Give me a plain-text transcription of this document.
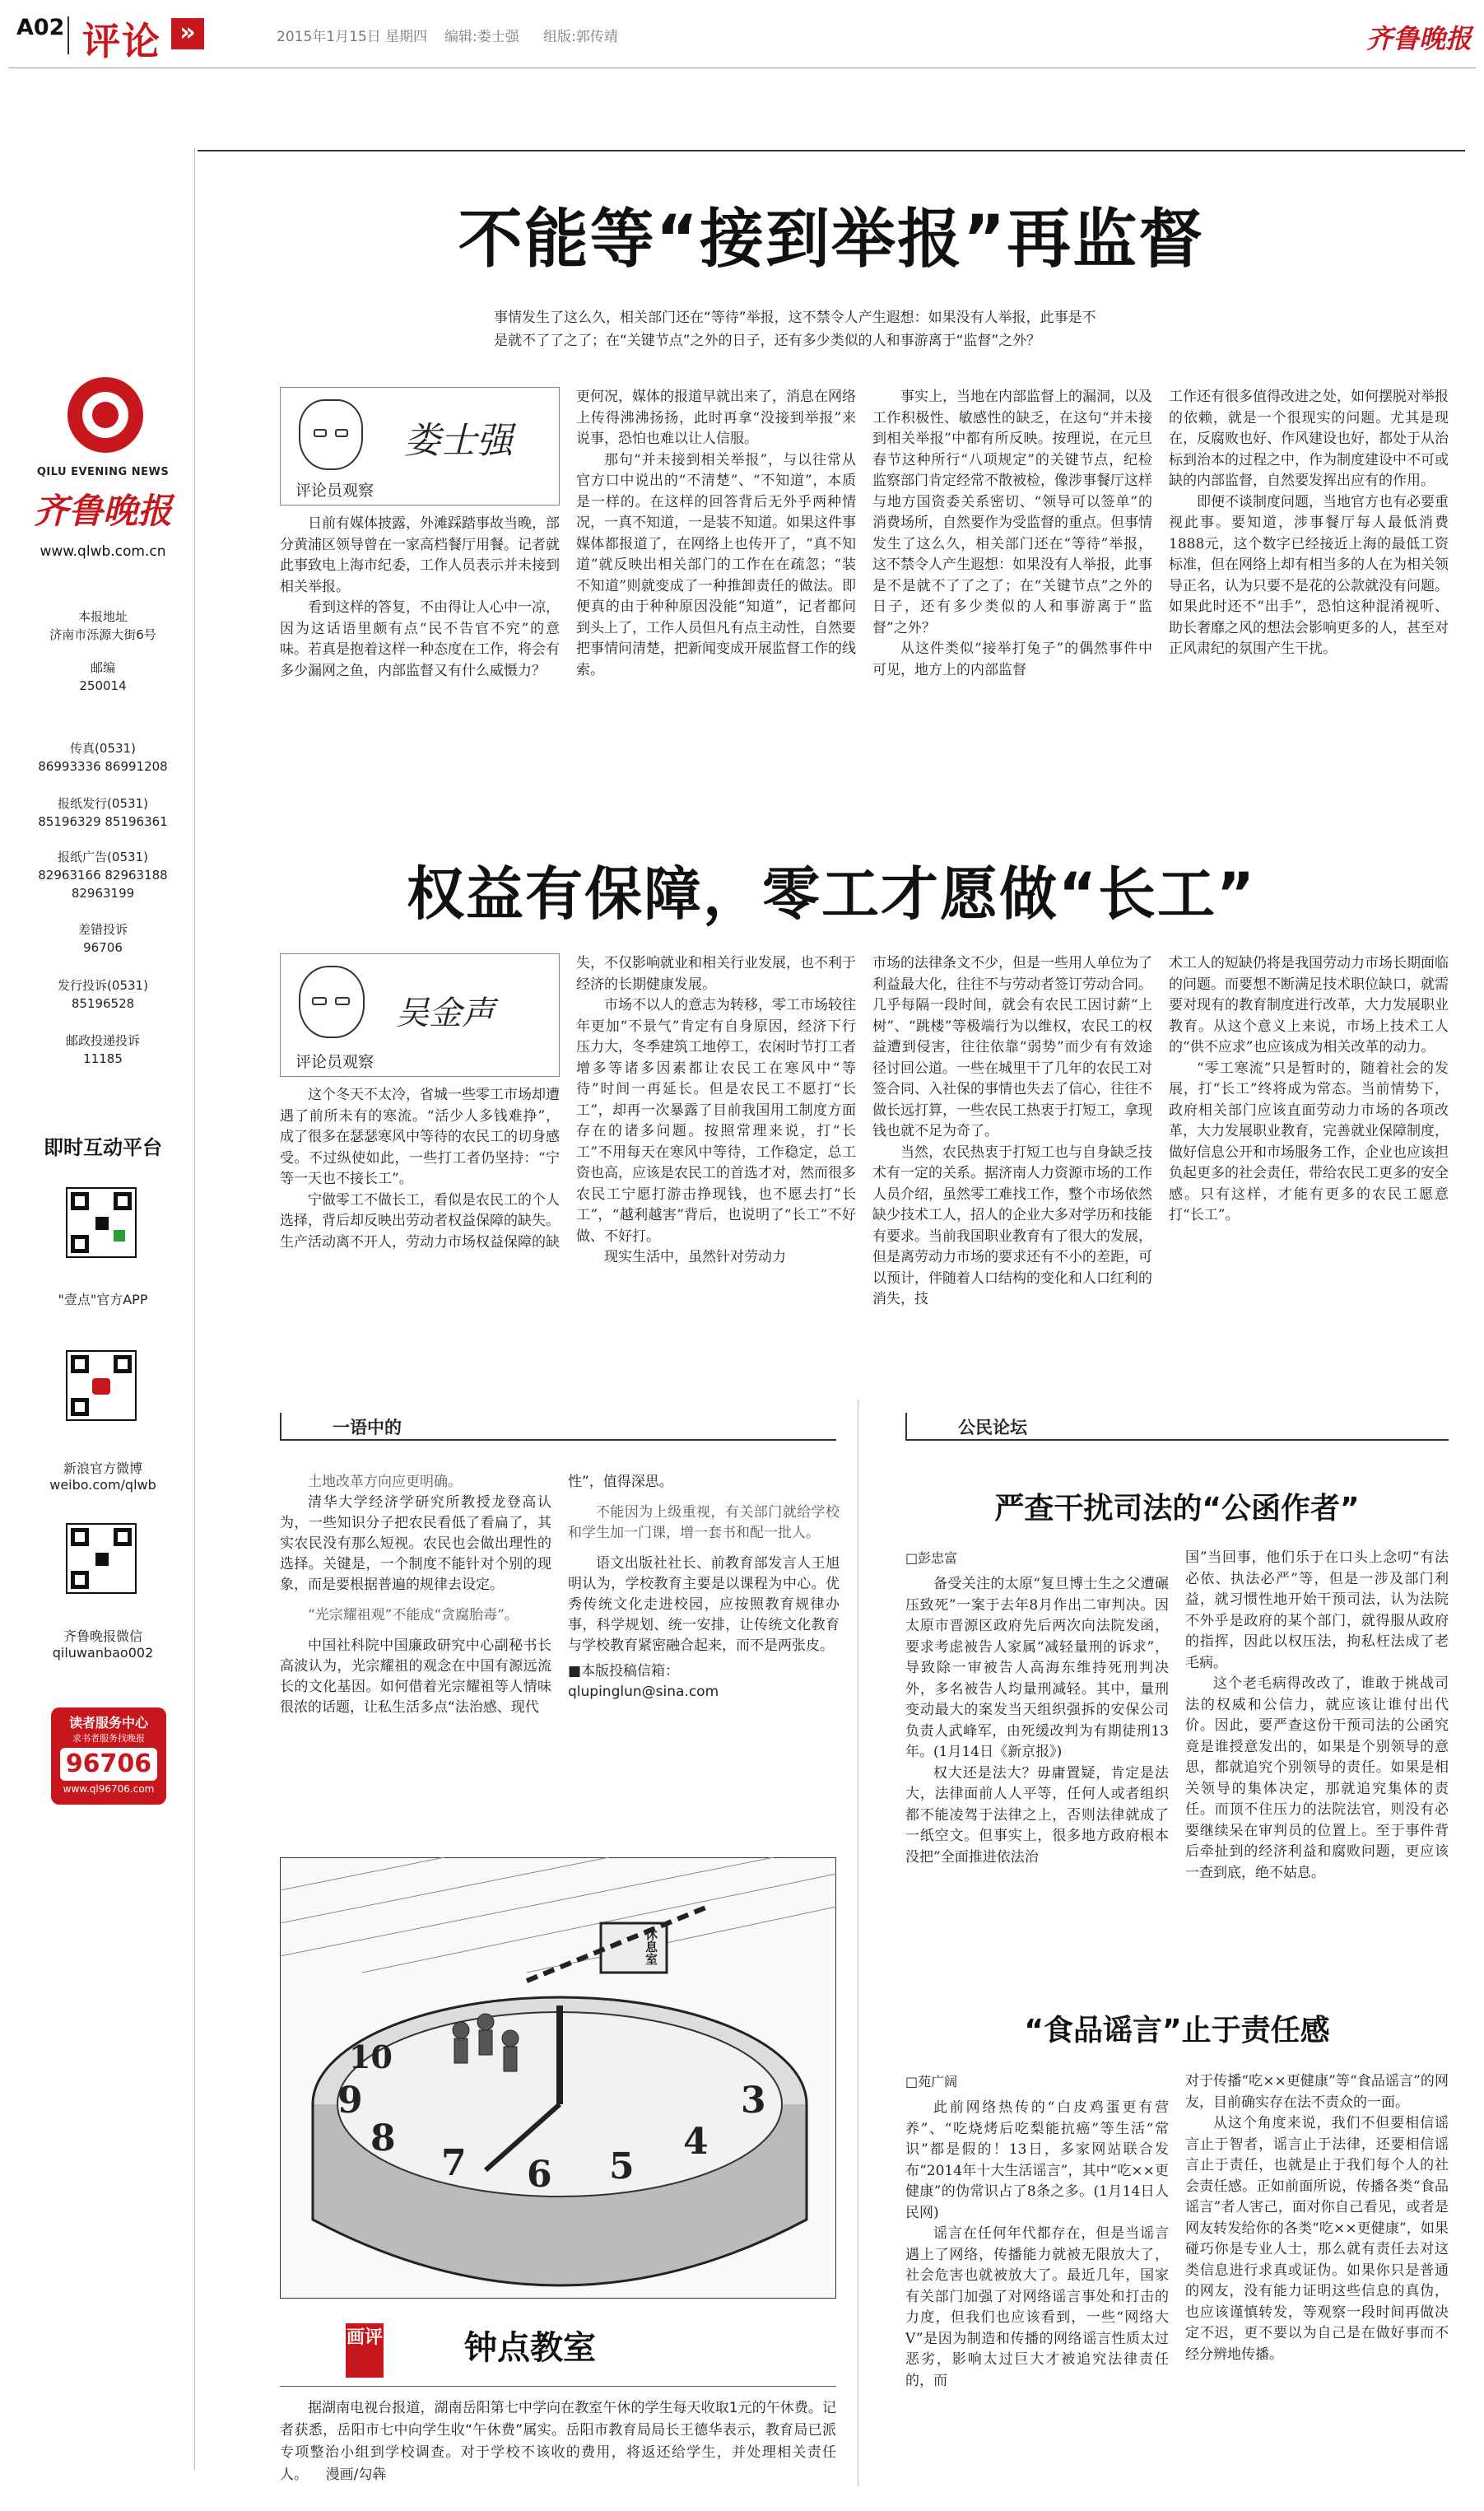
A02 评论 »	2015年1月15日 星期四 编辑:娄士强 组版:郭传靖	齐鲁晚报
QILU EVENING NEWS
齐鲁晚报
www.qlwb.com.cn
本报地址
济南市泺源大街6号
邮编
250014
传真(0531)
86993336 86991208
报纸发行(0531)
85196329 85196361
报纸广告(0531)
82963166 82963188
82963199
差错投诉
96706
发行投诉(0531)
85196528
邮政投递投诉
11185
即时互动平台
"壹点"官方APP
新浪官方微博
weibo.com/qlwb
齐鲁晚报微信
qiluwanbao002
读者服务中心
求书者服务找晚报
96706
www.ql96706.com
不能等“接到举报”再监督
事情发生了这么久，相关部门还在“等待”举报，这不禁令人产生遐想：如果没有人举报，此事是不
是就不了了之了；在“关键节点”之外的日子，还有多少类似的人和事游离于“监督”之外？
娄士强
评论员观察

日前有媒体披露，外滩踩踏事故当晚，部分黄浦区领导曾在一家高档餐厅用餐。记者就此事致电上海市纪委，工作人员表示并未接到相关举报。

看到这样的答复，不由得让人心中一凉，因为这话语里颇有点“民不告官不究”的意味。若真是抱着这样一种态度在工作，将会有多少漏网之鱼，内部监督又有什么威慑力？

更何况，媒体的报道早就出来了，消息在网络上传得沸沸扬扬，此时再拿“没接到举报”来说事，恐怕也难以让人信服。

那句“并未接到相关举报”，与以往常从官方口中说出的“不清楚”、“不知道”，本质是一样的。在这样的回答背后无外乎两种情况，一真不知道，一是装不知道。如果这件事媒体都报道了，在网络上也传开了，“真不知道”就反映出相关部门的工作在在疏忽；“装不知道”则就变成了一种推卸责任的做法。即便真的由于种种原因没能“知道”，记者都问到头上了，工作人员但凡有点主动性，自然要把事情问清楚，把新闻变成开展监督工作的线索。

事实上，当地在内部监督上的漏洞，以及工作积极性、敏感性的缺乏，在这句“并未接到相关举报”中都有所反映。按理说，在元旦春节这种所行“八项规定”的关键节点，纪检监察部门肯定经常不散被检，像涉事餐厅这样与地方国资委关系密切、“领导可以签单”的消费场所，自然要作为受监督的重点。但事情发生了这么久，相关部门还在“等待”举报，这不禁令人产生遐想：如果没有人举报，此事是不是就不了了之了；在“关键节点”之外的日子，还有多少类似的人和事游离于“监督”之外？

从这件类似“接举打兔子”的偶然事件中可见，地方上的内部监督

工作还有很多值得改进之处，如何摆脱对举报的依赖，就是一个很现实的问题。尤其是现在，反腐败也好、作风建设也好，都处于从治标到治本的过程之中，作为制度建设中不可或缺的内部监督，自然要发挥出应有的作用。

即便不谈制度问题，当地官方也有必要重视此事。要知道，涉事餐厅每人最低消费1888元，这个数字已经接近上海的最低工资标准，但在网络上却有相当多的人在为相关领导正名，认为只要不是花的公款就没有问题。如果此时还不“出手”，恐怕这种混淆视听、助长奢靡之风的想法会影响更多的人，甚至对正风肃纪的氛围产生干扰。

权益有保障，零工才愿做“长工”
吴金声
评论员观察

这个冬天不太冷，省城一些零工市场却遭遇了前所未有的寒流。“活少人多钱难挣”，成了很多在瑟瑟寒风中等待的农民工的切身感受。不过纵使如此，一些打工者仍坚持：“宁等一天也不接长工”。

宁做零工不做长工，看似是农民工的个人选择，背后却反映出劳动者权益保障的缺失。生产活动离不开人，劳动力市场权益保障的缺

失，不仅影响就业和相关行业发展，也不利于经济的长期健康发展。

市场不以人的意志为转移，零工市场较往年更加“不景气”肯定有自身原因，经济下行压力大，冬季建筑工地停工，农闲时节打工者增多等诸多因素都让农民工在寒风中“等待”时间一再延长。但是农民工不愿打“长工”，却再一次暴露了目前我国用工制度方面存在的诸多问题。按照常理来说，打“长工”不用每天在寒风中等待，工作稳定，总工资也高，应该是农民工的首选才对，然而很多农民工宁愿打游击挣现钱，也不愿去打“长工”，“越利越害”背后，也说明了“长工”不好做、不好打。

现实生活中，虽然针对劳动力

市场的法律条文不少，但是一些用人单位为了利益最大化，往往不与劳动者签订劳动合同。几乎每隔一段时间，就会有农民工因讨薪“上树”、“跳楼”等极端行为以维权，农民工的权益遭到侵害，往往依靠“弱势”而少有有效途径讨回公道。一些在城里干了几年的农民工对签合同、入社保的事情也失去了信心，往往不做长远打算，一些农民工热衷于打短工，拿现钱也就不足为奇了。

当然，农民热衷于打短工也与自身缺乏技术有一定的关系。据济南人力资源市场的工作人员介绍，虽然零工难找工作，整个市场依然缺少技术工人，招人的企业大多对学历和技能有要求。当前我国职业教育有了很大的发展，但是离劳动力市场的要求还有不小的差距，可以预计，伴随着人口结构的变化和人口红利的消失，技

术工人的短缺仍将是我国劳动力市场长期面临的问题。而要想不断满足技术职位缺口，就需要对现有的教育制度进行改革，大力发展职业教育。从这个意义上来说，市场上技术工人的“供不应求”也应该成为相关改革的动力。

“零工寒流”只是暂时的，随着社会的发展，打“长工”终将成为常态。当前情势下，政府相关部门应该直面劳动力市场的各项改革，大力发展职业教育，完善就业保障制度，做好信息公开和市场服务工作，企业也应该担负起更多的社会责任，带给农民工更多的安全感。只有这样，才能有更多的农民工愿意打“长工”。

一语中的

土地改革方向应更明确。

清华大学经济学研究所教授龙登高认为，一些知识分子把农民看低了看扁了，其实农民没有那么短视。农民也会做出理性的选择。关键是，一个制度不能针对个别的现象，而是要根据普遍的规律去设定。

“光宗耀祖观”不能成“贪腐胎毒”。

中国社科院中国廉政研究中心副秘书长高波认为，光宗耀祖的观念在中国有源远流长的文化基因。如何借着光宗耀祖等人情味很浓的话题，让私生活多点“法治感、现代

性”，值得深思。

不能因为上级重视，有关部门就给学校和学生加一门课，增一套书和配一批人。

语文出版社社长、前教育部发言人王旭明认为，学校教育主要是以课程为中心。优秀传统文化走进校园，应按照教育规律办事，科学规划、统一安排，让传统文化教育与学校教育紧密融合起来，而不是两张皮。

■本版投稿信箱：

qlupinglun@sina.com

休息室
6
7
8
9
10
5
4
3
画评 钟点教室

据湖南电视台报道，湖南岳阳第七中学向在教室午休的学生每天收取1元的午休费。记者获悉，岳阳市七中向学生收“午休费”属实。岳阳市教育局局长王德华表示，教育局已派专项整治小组到学校调查。对于学校不该收的费用，将返还给学生，并处理相关责任人。 漫画/勾犇

公民论坛
严查干扰司法的“公函作者”
□彭忠富

备受关注的太原“复旦博士生之父遭碾压致死”一案于去年8月作出二审判决。因太原市晋源区政府先后两次向法院发函，要求考虑被告人家属“减轻量刑的诉求”，导致除一审被告人高海东维持死刑判决外，多名被告人均量刑减轻。其中，量刑变动最大的案发当天组织强拆的安保公司负责人武峰军，由死缓改判为有期徒刑13年。(1月14日《新京报》)

权大还是法大？毋庸置疑，肯定是法大，法律面前人人平等，任何人或者组织都不能凌驾于法律之上，否则法律就成了一纸空文。但事实上，很多地方政府根本没把”全面推进依法治

国”当回事，他们乐于在口头上念叨“有法必依、执法必严”等，但是一涉及部门利益，就习惯性地开始干预司法，认为法院不外乎是政府的某个部门，就得服从政府的指挥，因此以权压法，拘私枉法成了老毛病。

这个老毛病得改改了，谁敢于挑战司法的权威和公信力，就应该让谁付出代价。因此，要严查这份干预司法的公函究竟是谁授意发出的，如果是个别领导的意思，都就追究个别领导的责任。如果是相关领导的集体决定，那就追究集体的责任。而顶不住压力的法院法官，则没有必要继续呆在审判员的位置上。至于事件背后牵扯到的经济利益和腐败问题，更应该一查到底，绝不姑息。

“食品谣言”止于责任感
□苑广阔

此前网络热传的“白皮鸡蛋更有营养”、“吃烧烤后吃梨能抗癌”等生活“常识”都是假的！13日，多家网站联合发布“2014年十大生活谣言”，其中“吃××更健康”的伪常识占了8条之多。(1月14日人民网)

谣言在任何年代都存在，但是当谣言遇上了网络，传播能力就被无限放大了，社会危害也就被放大了。最近几年，国家有关部门加强了对网络谣言事处和打击的力度，但我们也应该看到，一些“网络大V”是因为制造和传播的网络谣言性质太过恶劣，影响太过巨大才被追究法律责任的，而

对于传播“吃××更健康”等“食品谣言”的网友，目前确实存在法不责众的一面。

从这个角度来说，我们不但要相信谣言止于智者，谣言止于法律，还要相信谣言止于责任，也就是止于我们每个人的社会责任感。正如前面所说，传播各类“食品谣言”者人害己，面对你自己看见，或者是网友转发给你的各类“吃××更健康”，如果碰巧你是专业人士，那么就有责任去对这类信息进行求真或证伪。如果你只是普通的网友，没有能力证明这些信息的真伪，也应该谨慎转发，等观察一段时间再做决定不迟，更不要以为自己是在做好事而不经分辨地传播。
